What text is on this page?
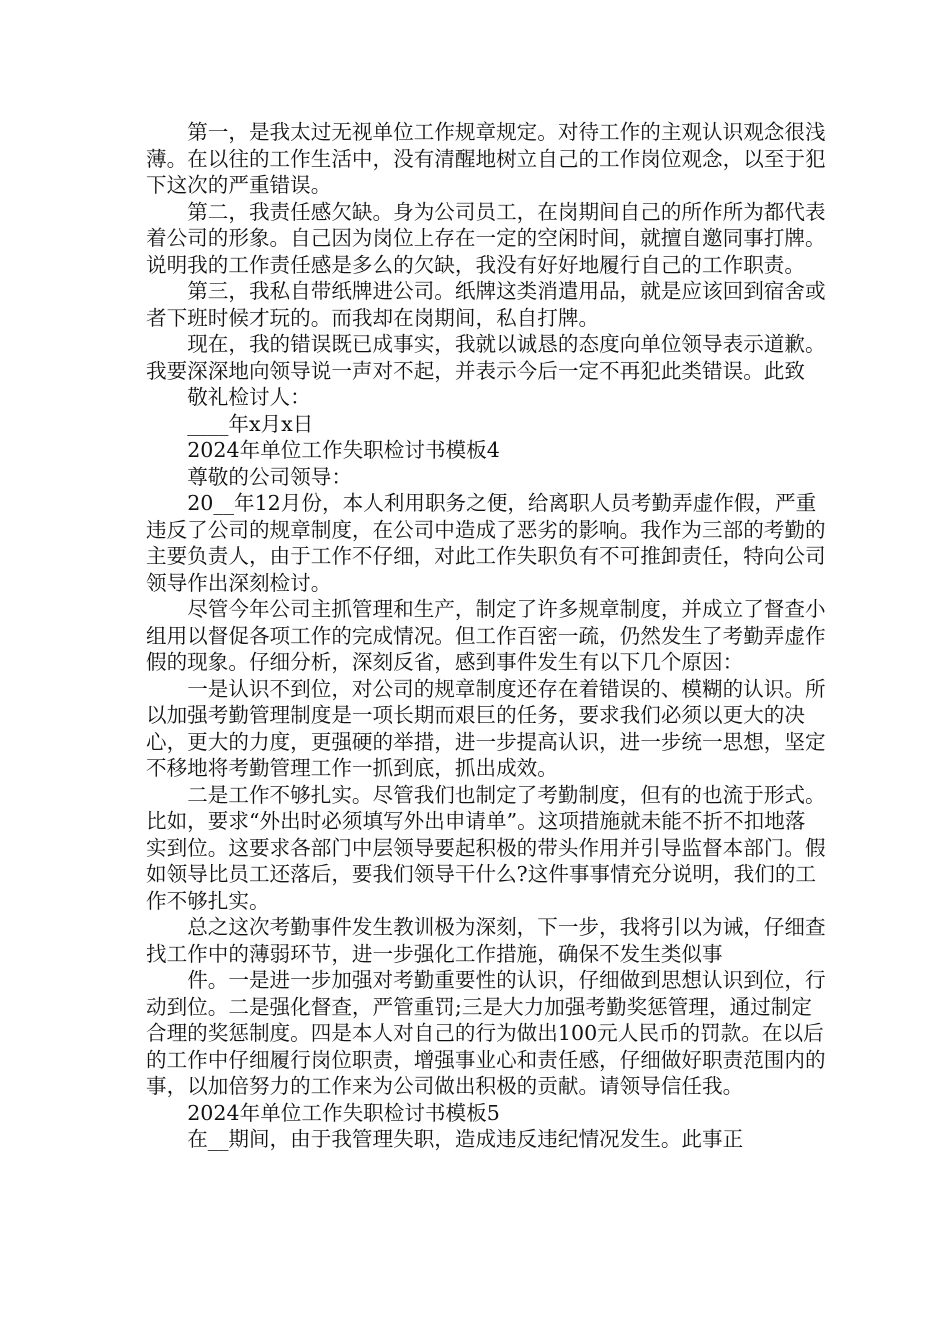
第一，是我太过无视单位工作规章规定。对待工作的主观认识观念很浅薄。在以往的工作生活中，没有清醒地树立自己的工作岗位观念，以至于犯下这次的严重错误。

第二，我责任感欠缺。身为公司员工，在岗期间自己的所作所为都代表着公司的形象。自己因为岗位上存在一定的空闲时间，就擅自邀同事打牌。说明我的工作责任感是多么的欠缺，我没有好好地履行自己的工作职责。

第三，我私自带纸牌进公司。纸牌这类消遣用品，就是应该回到宿舍或者下班时候才玩的。而我却在岗期间，私自打牌。

现在，我的错误既已成事实，我就以诚恳的态度向单位领导表示道歉。我要深深地向领导说一声对不起，并表示今后一定不再犯此类错误。此致

敬礼检讨人：

____年x月x日

2024年单位工作失职检讨书模板4

尊敬的公司领导：

20__年12月份，本人利用职务之便，给离职人员考勤弄虚作假，严重违反了公司的规章制度，在公司中造成了恶劣的影响。我作为三部的考勤的主要负责人，由于工作不仔细，对此工作失职负有不可推卸责任，特向公司领导作出深刻检讨。

尽管今年公司主抓管理和生产，制定了许多规章制度，并成立了督查小组用以督促各项工作的完成情况。但工作百密一疏，仍然发生了考勤弄虚作假的现象。仔细分析，深刻反省，感到事件发生有以下几个原因：

一是认识不到位，对公司的规章制度还存在着错误的、模糊的认识。所以加强考勤管理制度是一项长期而艰巨的任务，要求我们必须以更大的决心，更大的力度，更强硬的举措，进一步提高认识，进一步统一思想，坚定不移地将考勤管理工作一抓到底，抓出成效。

二是工作不够扎实。尽管我们也制定了考勤制度，但有的也流于形式。比如，要求“外出时必须填写外出申请单”。这项措施就未能不折不扣地落实到位。这要求各部门中层领导要起积极的带头作用并引导监督本部门。假如领导比员工还落后，要我们领导干什么?这件事事情充分说明，我们的工作不够扎实。

总之这次考勤事件发生教训极为深刻，下一步，我将引以为诫，仔细查找工作中的薄弱环节，进一步强化工作措施，确保不发生类似事

件。一是进一步加强对考勤重要性的认识，仔细做到思想认识到位，行动到位。二是强化督查，严管重罚;三是大力加强考勤奖惩管理，通过制定合理的奖惩制度。四是本人对自己的行为做出100元人民币的罚款。在以后的工作中仔细履行岗位职责，增强事业心和责任感，仔细做好职责范围内的事，以加倍努力的工作来为公司做出积极的贡献。请领导信任我。

2024年单位工作失职检讨书模板5

在__期间，由于我管理失职，造成违反违纪情况发生。此事正
